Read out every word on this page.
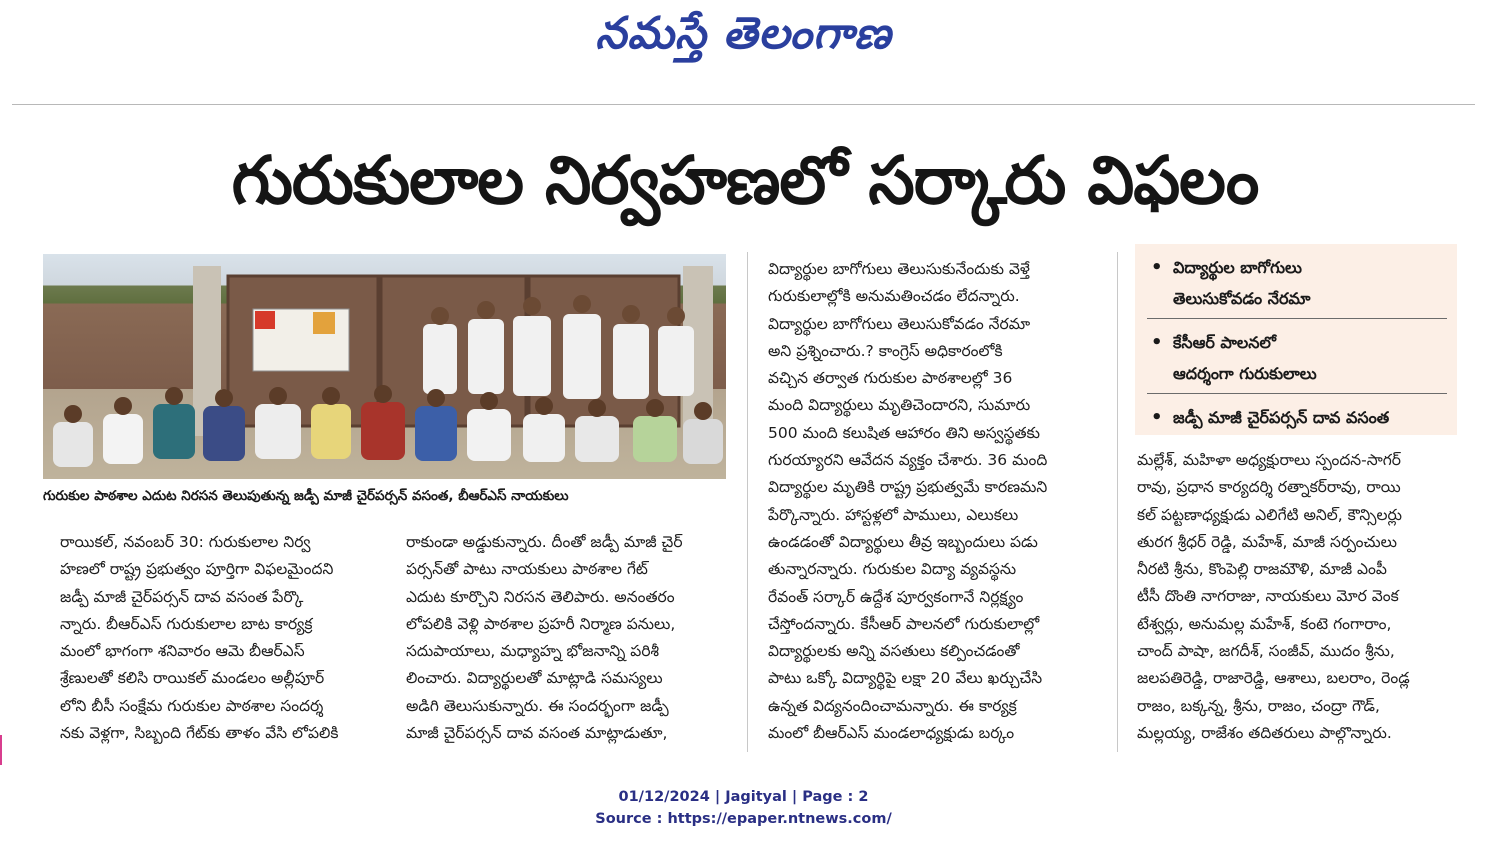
నమస్తే తెలంగాణ
గురుకులాల నిర్వహణలో సర్కారు విఫలం
గురుకుల పాఠశాల ఎదుట నిరసన తెలుపుతున్న జడ్పీ మాజీ చైర్‌పర్సన్ వసంత, బీఆర్‌ఎస్ నాయకులు
రాయికల్, నవంబర్ 30: గురుకులాల నిర్వ
హణలో రాష్ట్ర ప్రభుత్వం పూర్తిగా విఫలమైందని
జడ్పీ మాజీ చైర్‌పర్సన్ దావ వసంత పేర్కొ
న్నారు. బీఆర్‌ఎస్ గురుకులాల బాట కార్యక్ర
మంలో భాగంగా శనివారం ఆమె బీఆర్‌ఎస్
శ్రేణులతో కలిసి రాయికల్ మండలం అల్లీపూర్
లోని బీసీ సంక్షేమ గురుకుల పాఠశాల సందర్శ
నకు వెళ్లగా, సిబ్బంది గేట్‌కు తాళం వేసి లోపలికి
రాకుండా అడ్డుకున్నారు. దీంతో జడ్పీ మాజీ చైర్
పర్సన్‌తో పాటు నాయకులు పాఠశాల గేట్
ఎదుట కూర్చొని నిరసన తెలిపారు. అనంతరం
లోపలికి వెళ్లి పాఠశాల ప్రహరీ నిర్మాణ పనులు,
సదుపాయాలు, మధ్యాహ్న భోజనాన్ని పరిశీ
లించారు. విద్యార్థులతో మాట్లాడి సమస్యలు
అడిగి తెలుసుకున్నారు. ఈ సందర్భంగా జడ్పీ
మాజీ చైర్‌పర్సన్ దావ వసంత మాట్లాడుతూ,
విద్యార్థుల బాగోగులు తెలుసుకునేందుకు వెళ్తే
గురుకులాల్లోకి అనుమతించడం లేదన్నారు.
విద్యార్థుల బాగోగులు తెలుసుకోవడం నేరమా
అని ప్రశ్నించారు.? కాంగ్రెస్ అధికారంలోకి
వచ్చిన తర్వాత గురుకుల పాఠశాలల్లో 36
మంది విద్యార్థులు మృతిచెందారని, సుమారు
500 మంది కలుషిత ఆహారం తిని అస్వస్థతకు
గురయ్యారని ఆవేదన వ్యక్తం చేశారు. 36 మంది
విద్యార్థుల మృతికి రాష్ట్ర ప్రభుత్వమే కారణమని
పేర్కొన్నారు. హాస్టళ్లలో పాములు, ఎలుకలు
ఉండడంతో విద్యార్థులు తీవ్ర ఇబ్బందులు పడు
తున్నారన్నారు. గురుకుల విద్యా వ్యవస్థను
రేవంత్ సర్కార్ ఉద్దేశ పూర్వకంగానే నిర్లక్ష్యం
చేస్తోందన్నారు. కేసీఆర్ పాలనలో గురుకులాల్లో
విద్యార్థులకు అన్ని వసతులు కల్పించడంతో
పాటు ఒక్కో విద్యార్థిపై లక్షా 20 వేలు ఖర్చుచేసి
ఉన్నత విద్యనందించామన్నారు. ఈ కార్యక్ర
మంలో బీఆర్‌ఎస్ మండలాధ్యక్షుడు బర్కం
• విద్యార్థుల బాగోగులు
తెలుసుకోవడం నేరమా
• కేసీఆర్ పాలనలో
ఆదర్శంగా గురుకులాలు
• జడ్పీ మాజీ చైర్‌పర్సన్ దావ వసంత
మల్లేశ్, మహిళా అధ్యక్షురాలు స్పందన-సాగర్
రావు, ప్రధాన కార్యదర్శి రత్నాకర్‌రావు, రాయి
కల్ పట్టణాధ్యక్షుడు ఎలిగేటి అనిల్, కౌన్సిలర్లు
తురగ శ్రీధర్ రెడ్డి, మహేశ్, మాజీ సర్పంచులు
నీరటి శ్రీను, కొంపెల్లి రాజమౌళి, మాజీ ఎంపీ
టీసీ దొంతి నాగరాజు, నాయకులు మోర వెంక
టేశ్వర్లు, అనుమల్ల మహేశ్, కంటె గంగారాం,
చాంద్ పాషా, జగదీశ్, సంజీవ్, ముదం శ్రీను,
జలపతిరెడ్డి, రాజారెడ్డి, ఆశాలు, బలరాం, రెండ్ల
రాజం, బక్కన్న, శ్రీను, రాజం, చంద్రా గౌడ్,
మల్లయ్య, రాజేశం తదితరులు పాల్గొన్నారు.
01/12/2024 | Jagityal | Page : 2
Source : https://epaper.ntnews.com/
